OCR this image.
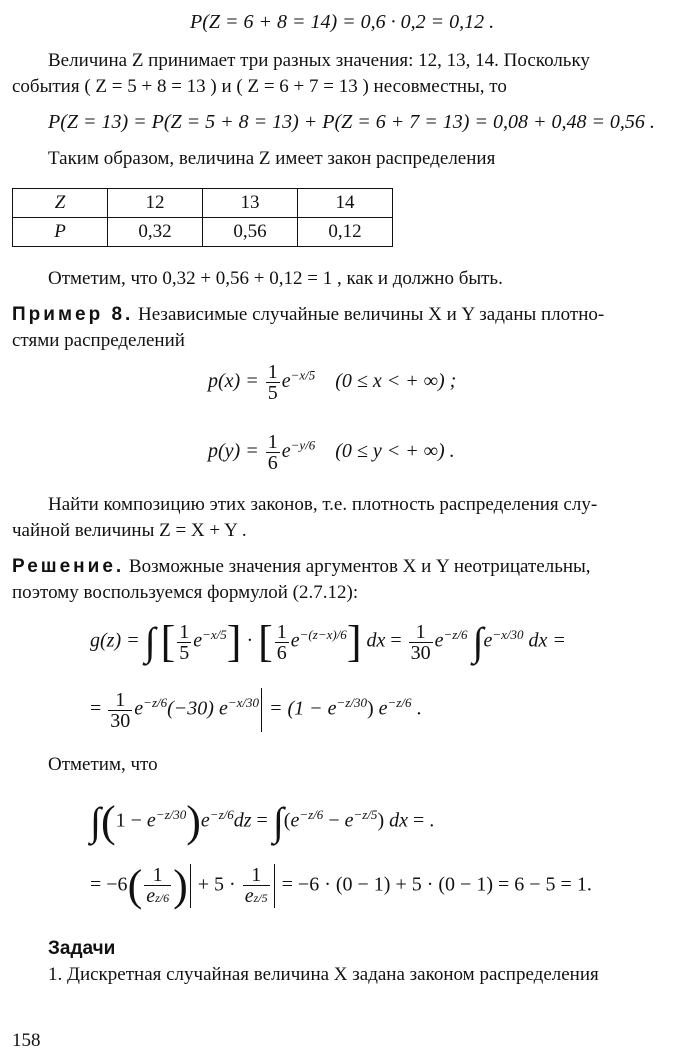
P(Z = 6 + 8 = 14) = 0,6 · 0,2 = 0,12 .
Величина Z принимает три разных значения: 12, 13, 14. Поскольку
события ( Z = 5 + 8 = 13 ) и ( Z = 6 + 7 = 13 ) несовместны, то
P(Z = 13) = P(Z = 5 + 8 = 13) + P(Z = 6 + 7 = 13) = 0,08 + 0,48 = 0,56 .
Таким образом, величина Z имеет закон распределения
Z	12	13	14
P	0,32	0,56	0,12
Отметим, что 0,32 + 0,56 + 0,12 = 1 , как и должно быть.
Пример 8. Независимые случайные величины X и Y заданы плотно-
стями распределений
$p(x) = \frac{1}{5} e^{-x/5}$ (0 ≤ x < + ∞) ;
$p(y) = \frac{1}{6} e^{-y/6}$ (0 ≤ y < + ∞) .
Найти композицию этих законов, т.е. плотность распределения слу-
чайной величины Z = X + Y .
Решение. Возможные значения аргументов X и Y неотрицательны,
поэтому воспользуемся формулой (2.7.12):
g(z) = ∫ [ $\frac{1}{5} e^{-x/5}$] · [ $\frac{1}{6} e^{-(z-x)/6}$] dx = $\frac{1}{30} e^{-z/6}$ $\int e^{-x/30}$ dx =
= $\frac{1}{30} e^{-z/6}(-30) e^{-x/30} = (1 - e^{-z/30})$ $e^{-z/6}$ .
Отметим, что
$\int(1 - e^{-z/30})e^{-z/6}dz = \int(e^{-z/6} - e^{-z/5})$ dx = .
= $-6( \frac{1}{ez/6}$ ) + $5 \cdot \frac{1}{ez/5} = -6 \cdot (0 - 1) + 5 \cdot (0 - 1) = 6 - 5 = 1$.
Задачи
1. Дискретная случайная величина X задана законом распределения
158
